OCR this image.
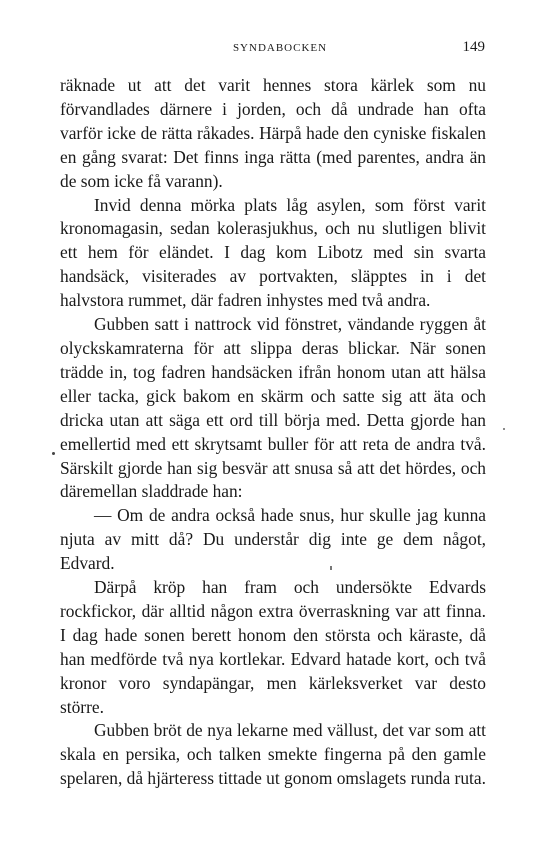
SYNDABOCKEN	149

räknade ut att det varit hennes stora kärlek som nu förvandlades därnere i jorden, och då undrade han ofta varför icke de rätta råkades. Härpå hade den cyniske fiskalen en gång svarat: Det finns inga rätta (med parentes, andra än de som icke få varann).

Invid denna mörka plats låg asylen, som först varit kronomagasin, sedan kolerasjukhus, och nu slutligen blivit ett hem för eländet. I dag kom Libotz med sin svarta handsäck, visiterades av portvakten, släpptes in i det halvstora rummet, där fadren inhystes med två andra.

Gubben satt i nattrock vid fönstret, vändande ryggen åt olyckskamraterna för att slippa deras blickar. När sonen trädde in, tog fadren handsäcken ifrån honom utan att hälsa eller tacka, gick bakom en skärm och satte sig att äta och dricka utan att säga ett ord till börja med. Detta gjorde han emellertid med ett skrytsamt buller för att reta de andra två. Särskilt gjorde han sig besvär att snusa så att det hördes, och däremellan sladdrade han:

— Om de andra också hade snus, hur skulle jag kunna njuta av mitt då? Du understår dig inte ge dem något, Edvard.

Därpå kröp han fram och undersökte Edvards rockfickor, där alltid någon extra överraskning var att finna. I dag hade sonen berett honom den största och käraste, då han medförde två nya kortlekar. Edvard hatade kort, och två kronor voro syndapängar, men kärleksverket var desto större.

Gubben bröt de nya lekarne med vällust, det var som att skala en persika, och talken smekte fingerna på den gamle spelaren, då hjärteress tittade ut gonom omslagets runda ruta.
